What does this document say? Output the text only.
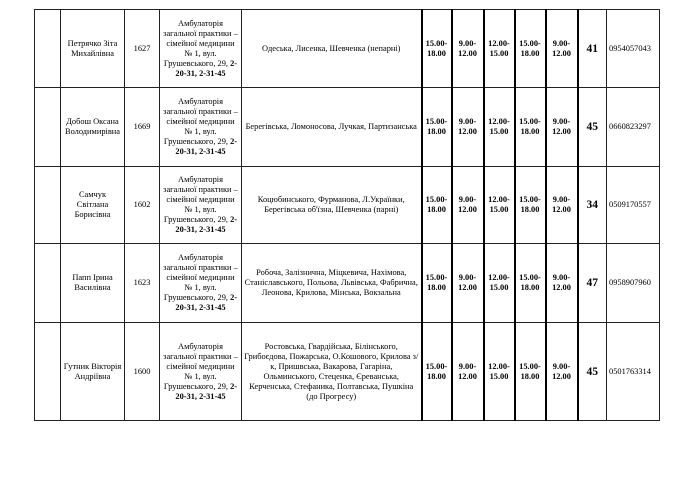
	Петрячко Зіта Михайлівна	1627	Амбулаторія загальної практики – сімейної медицини № 1, вул. Грушевського, 29, 2-20-31, 2-31-45	Одеська, Лисенка, Шевченка (непарні)	15.00-18.00	9.00-12.00	12.00-15.00	15.00-18.00	9.00-12.00	41	0954057043
	Добош Оксана Володимирівна	1669	Амбулаторія загальної практики – сімейної медицини № 1, вул. Грушевського, 29, 2-20-31, 2-31-45	Берегівська, Ломоносова, Лучкая, Партизанська	15.00-18.00	9.00-12.00	12.00-15.00	15.00-18.00	9.00-12.00	45	0660823297
	Самчук Світлана Борисівна	1602	Амбулаторія загальної практики – сімейної медицини № 1, вул. Грушевського, 29, 2-20-31, 2-31-45	Коцюбинського, Фурманова, Л.Українки, Берегівська об'їзна, Шевченка (парні)	15.00-18.00	9.00-12.00	12.00-15.00	15.00-18.00	9.00-12.00	34	0509170557
	Папп Ірина Василівна	1623	Амбулаторія загальної практики – сімейної медицини № 1, вул. Грушевського, 29, 2-20-31, 2-31-45	Робоча, Залізнична, Міцкевича, Нахімова, Станіславського, Польова, Львівська, Фабрична, Леонова, Крилова, Мінська, Вокзальна	15.00-18.00	9.00-12.00	12.00-15.00	15.00-18.00	9.00-12.00	47	0958907960
	Гутник Вікторія Андріївна	1600	Амбулаторія загальної практики – сімейної медицини № 1, вул. Грушевського, 29, 2-20-31, 2-31-45	Ростовська, Гвардійська, Білінського, Грибоєдова, Пожарська, О.Кошового, Крилова з/к, Пришвська, Вакарова, Гагаріна, Ольминського, Стеценка, Єреванська, Керченська, Стефаника, Полтавська, Пушкіна (до Прогресу)	15.00-18.00	9.00-12.00	12.00-15.00	15.00-18.00	9.00-12.00	45	0501763314
